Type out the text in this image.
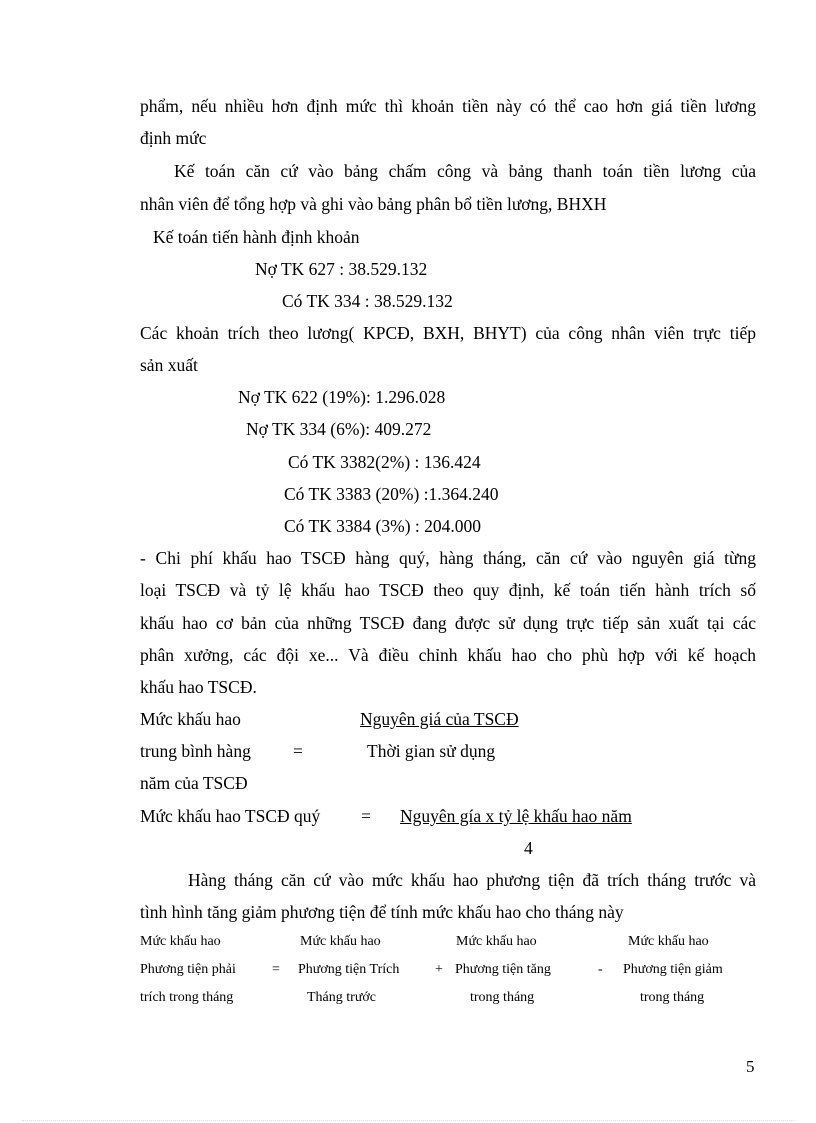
phẩm, nếu nhiều hơn định mức thì khoản tiền này có thể cao hơn giá tiền lương
định mức
Kế toán căn cứ vào bảng chấm công và bảng thanh toán tiền lương của
nhân viên để tổng hợp và ghi vào bảng phân bổ tiền lương, BHXH
Kế toán tiến hành định khoản
Nợ TK 627 : 38.529.132
Có TK 334 : 38.529.132
Các khoản trích theo lương( KPCĐ, BXH, BHYT) của công nhân viên trực tiếp
sản xuất
Nợ TK 622 (19%): 1.296.028
Nợ TK 334 (6%): 409.272
Có TK 3382(2%) : 136.424
Có TK 3383 (20%) :1.364.240
Có TK 3384 (3%) : 204.000
- Chi phí khấu hao TSCĐ hàng quý, hàng tháng, căn cứ vào nguyên giá từng
loại TSCĐ và tỷ lệ khấu hao TSCĐ theo quy định, kế toán tiến hành trích số
khấu hao cơ bản của những TSCĐ đang được sử dụng trực tiếp sản xuất tại các
phân xưởng, các đội xe... Và điều chỉnh khấu hao cho phù hợp với kế hoạch
khấu hao TSCĐ.
Mức khấu hao	Nguyên giá của TSCĐ
trung bình hàng =	Thời gian sử dụng
năm của TSCĐ
Mức khấu hao TSCĐ quý = Nguyên gía x tỷ lệ khấu hao năm
4
Hàng tháng căn cứ vào mức khấu hao phương tiện đã trích tháng trước và
tình hình tăng giảm phương tiện để tính mức khấu hao cho tháng này
Mức khấu hao
Phương tiện phải
trích trong tháng
=
Mức khấu hao
Phương tiện Trích
Tháng trước
+
Mức khấu hao
Phương tiện tăng
trong tháng
-
Mức khấu hao
Phương tiện giảm
trong tháng
5
